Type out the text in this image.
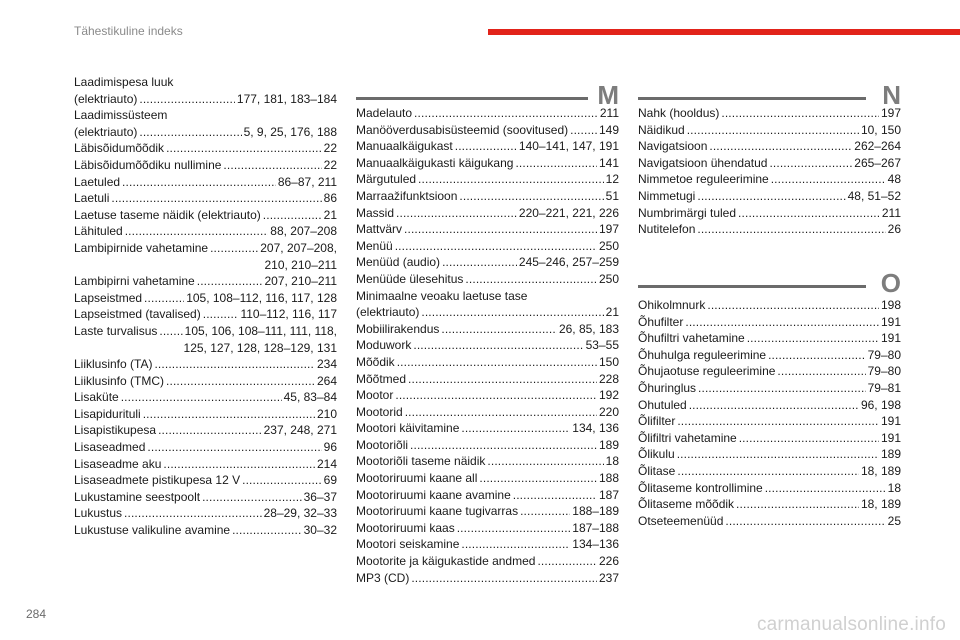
Tähestikuline indeks
Laadimispesa luuk
(elektriauto) . . .	177, 181, 183–184
Laadimissüsteem
(elektriauto) . . .	5, 9, 25, 176, 188
Läbisõidumõõdik . . .	22
Läbisõidumõõdiku nullimine . . .	22
Laetuled . . .	86–87, 211
Laetuli . . .	86
Laetuse taseme näidik (elektriauto) . . .	21
Lähituled . . .	88, 207–208
Lambipirnide vahetamine . . .	207, 207–208,
210, 210–211
Lambipirni vahetamine . . .	207, 210–211
Lapseistmed . . .	105, 108–112, 116, 117, 128
Lapseistmed (tavalised) . . .	110–112, 116, 117
Laste turvalisus . . . 105, 106, 108–111, 111, 118,
125, 127, 128, 128–129, 131
Liiklusinfo (TA) . . .	234
Liiklusinfo (TMC) . . .	264
Lisaküte . . .	45, 83–84
Lisapidurituli . . .	210
Lisapistikupesa . . .	237, 248, 271
Lisaseadmed . . .	96
Lisaseadme aku . . .	214
Lisaseadmete pistikupesa 12 V . . .	69
Lukustamine seestpoolt . . .	36–37
Lukustus . . .	28–29, 32–33
Lukustuse valikuline avamine . . .	30–32
M
Madelauto . . .	211
Manööverdusabisüsteemid (soovitused) . . .	149
Manuaalkäigukast . . .	140–141, 147, 191
Manuaalkäigukasti käigukang . . .	141
Märgutuled . . .	12
Marraažifunktsioon . . .	51
Massid . . .	220–221, 221, 226
Mattvärv . . .	197
Menüü . . .	250
Menüüd (audio) . . .	245–246, 257–259
Menüüde ülesehitus . . .	250
Minimaalne veoaku laetuse tase
(elektriauto) . . .	21
Mobiilirakendus . . .	26, 85, 183
Moduwork . . .	53–55
Mõõdik . . .	150
Mõõtmed . . .	228
Mootor . . .	192
Mootorid . . .	220
Mootori käivitamine . . .	134, 136
Mootoriõli . . .	189
Mootoriõli taseme näidik . . .	18
Mootoriruumi kaane all . . .	188
Mootoriruumi kaane avamine . . .	187
Mootoriruumi kaane tugivarras . . .	188–189
Mootoriruumi kaas . . .	187–188
Mootori seiskamine . . .	134–136
Mootorite ja käigukastide andmed . . .	226
MP3 (CD) . . .	237
N
Nahk (hooldus) . . .	197
Näidikud . . .	10, 150
Navigatsioon . . .	262–264
Navigatsioon ühendatud . . .	265–267
Nimmetoe reguleerimine . . .	48
Nimmetugi . . .	48, 51–52
Numbrimärgi tuled . . .	211
Nutitelefon . . .	26
O
Ohikolmnurk . . .	198
Õhufilter . . .	191
Õhufiltri vahetamine . . .	191
Õhuhulga reguleerimine . . .	79–80
Õhujaotuse reguleerimine . . .	79–80
Õhuringlus . . .	79–81
Ohutuled . . .	96, 198
Õlifilter . . .	191
Õlifiltri vahetamine . . .	191
Õlikulu . . .	189
Õlitase . . .	18, 189
Õlitaseme kontrollimine . . .	18
Õlitaseme mõõdik . . .	18, 189
Otseteemenüüd . . .	25
284	carmanualsonline.info
